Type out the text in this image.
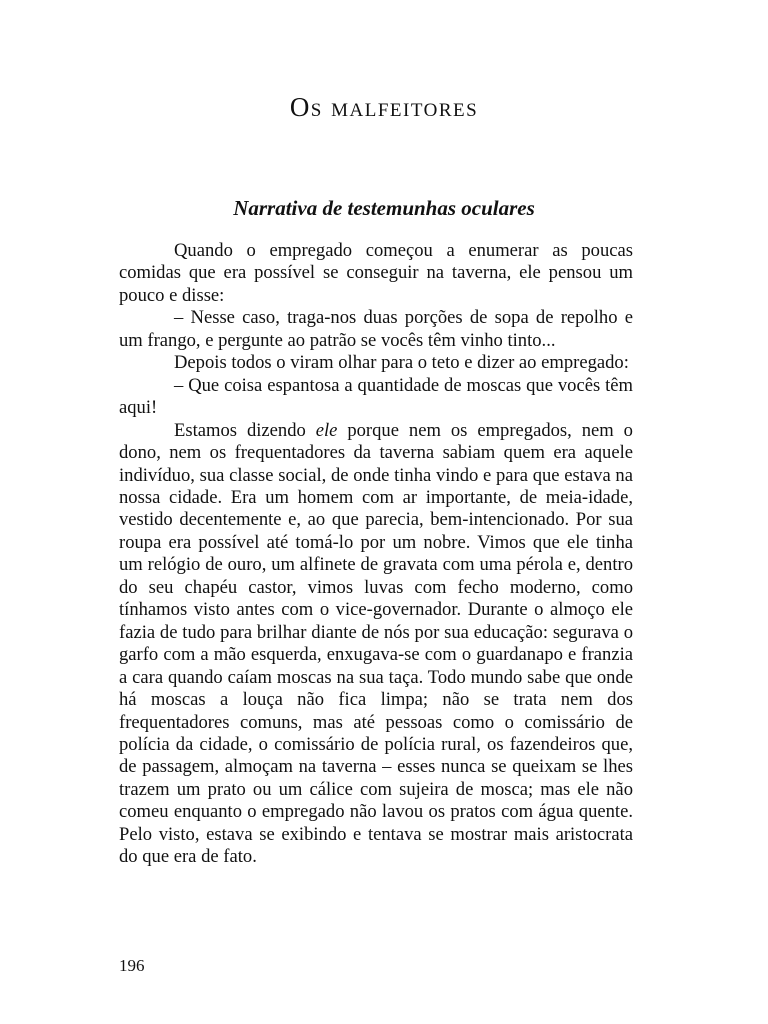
Os malfeitores
Narrativa de testemunhas oculares

Quando o empregado começou a enumerar as poucas comidas que era possível se conseguir na taverna, ele pensou um pouco e disse:

– Nesse caso, traga-nos duas porções de sopa de repolho e um frango, e pergunte ao patrão se vocês têm vinho tinto...

Depois todos o viram olhar para o teto e dizer ao empregado:

– Que coisa espantosa a quantidade de moscas que vocês têm aqui!

Estamos dizendo ele porque nem os empregados, nem o dono, nem os frequentadores da taverna sabiam quem era aquele indivíduo, sua classe social, de onde tinha vindo e para que estava na nossa cidade. Era um homem com ar importante, de meia-idade, vestido decentemente e, ao que parecia, bem-intencionado. Por sua roupa era possível até tomá-lo por um nobre. Vimos que ele tinha um relógio de ouro, um alfinete de gravata com uma pérola e, dentro do seu chapéu castor, vimos luvas com fecho moderno, como tínhamos visto antes com o vice-governador. Durante o almoço ele fazia de tudo para brilhar diante de nós por sua educação: segurava o garfo com a mão esquerda, enxugava-se com o guardanapo e franzia a cara quando caíam moscas na sua taça. Todo mundo sabe que onde há moscas a louça não fica limpa; não se trata nem dos frequentadores comuns, mas até pessoas como o comissário de polícia da cidade, o comissário de polícia rural, os fazendeiros que, de passagem, almoçam na taverna – esses nunca se queixam se lhes trazem um prato ou um cálice com sujeira de mosca; mas ele não comeu enquanto o empregado não lavou os pratos com água quente. Pelo visto, estava se exibindo e tentava se mostrar mais aristocrata do que era de fato.

196
